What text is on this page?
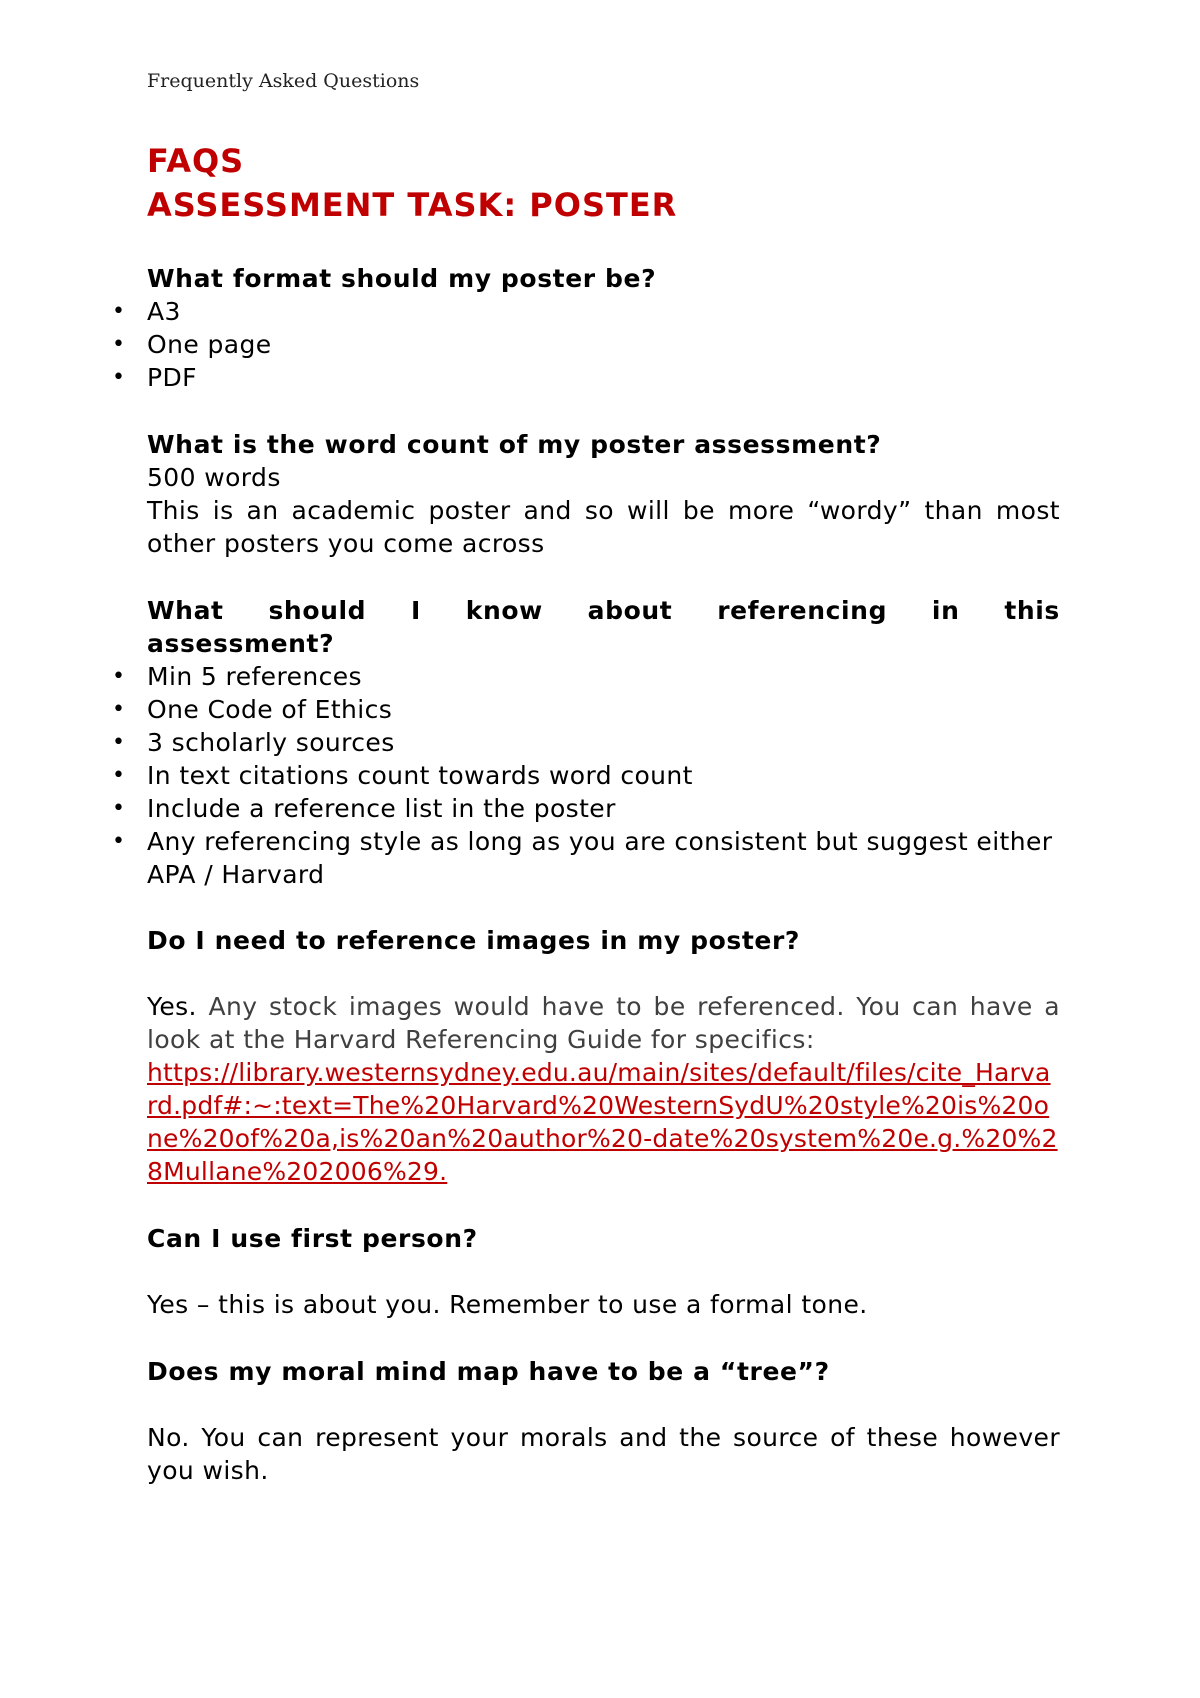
Frequently Asked Questions
FAQS
ASSESSMENT TASK: POSTER
What format should my poster be?
• A3
• One page
• PDF
What is the word count of my poster assessment?
500 words
This is an academic poster and so will be more “wordy” than most other posters you come across
What should I know about referencing in this
assessment?
• Min 5 references
• One Code of Ethics
• 3 scholarly sources
• In text citations count towards word count
• Include a reference list in the poster
• Any referencing style as long as you are consistent but suggest either APA / Harvard
Do I need to reference images in my poster?
Yes. Any stock images would have to be referenced. You can have a look at the Harvard Referencing Guide for specifics:
https://library.westernsydney.edu.au/main/sites/default/files/cite_Harvard.pdf#:~:text=The%20Harvard%20WesternSydU%20style%20is%20one%20of%20a,is%20an%20author%20-date%20system%20e.g.%20%28Mullane%202006%29.
Can I use first person?
Yes – this is about you. Remember to use a formal tone.
Does my moral mind map have to be a “tree”?
No. You can represent your morals and the source of these however you wish.
